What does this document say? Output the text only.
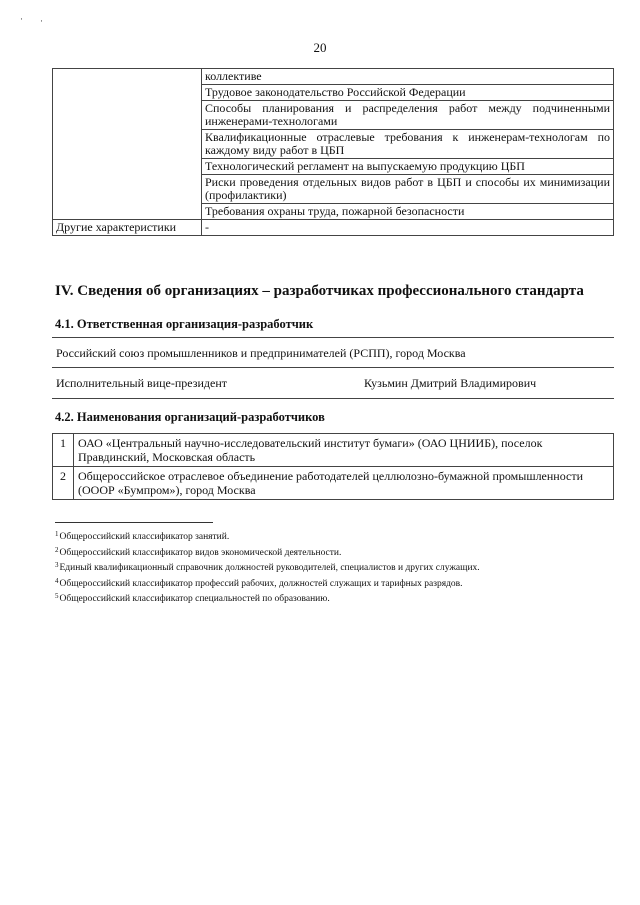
· ·
20
	коллективе
	Трудовое законодательство Российской Федерации
	Способы планирования и распределения работ между подчиненными инженерами-технологами
	Квалификационные отраслевые требования к инженерам-технологам по каждому виду работ в ЦБП
	Технологический регламент на выпускаемую продукцию ЦБП
	Риски проведения отдельных видов работ в ЦБП и способы их минимизации (профилактики)
	Требования охраны труда, пожарной безопасности
Другие характеристики	-
IV. Сведения об организациях – разработчиках профессионального стандарта
4.1. Ответственная организация-разработчик
Российский союз промышленников и предпринимателей (РСПП), город Москва
Исполнительный вице-президент	Кузьмин Дмитрий Владимирович
4.2. Наименования организаций-разработчиков
1	ОАО «Центральный научно-исследовательский институт бумаги» (ОАО ЦНИИБ), поселок Правдинский, Московская область
2	Общероссийское отраслевое объединение работодателей целлюлозно-бумажной промышленности (ОООР «Бумпром»), город Москва
$^1$Общероссийский классификатор занятий.
$^2$Общероссийский классификатор видов экономической деятельности.
$^3$Единый квалификационный справочник должностей руководителей, специалистов и других служащих.
$^4$Общероссийский классификатор профессий рабочих, должностей служащих и тарифных разрядов.
$^5$Общероссийский классификатор специальностей по образованию.
